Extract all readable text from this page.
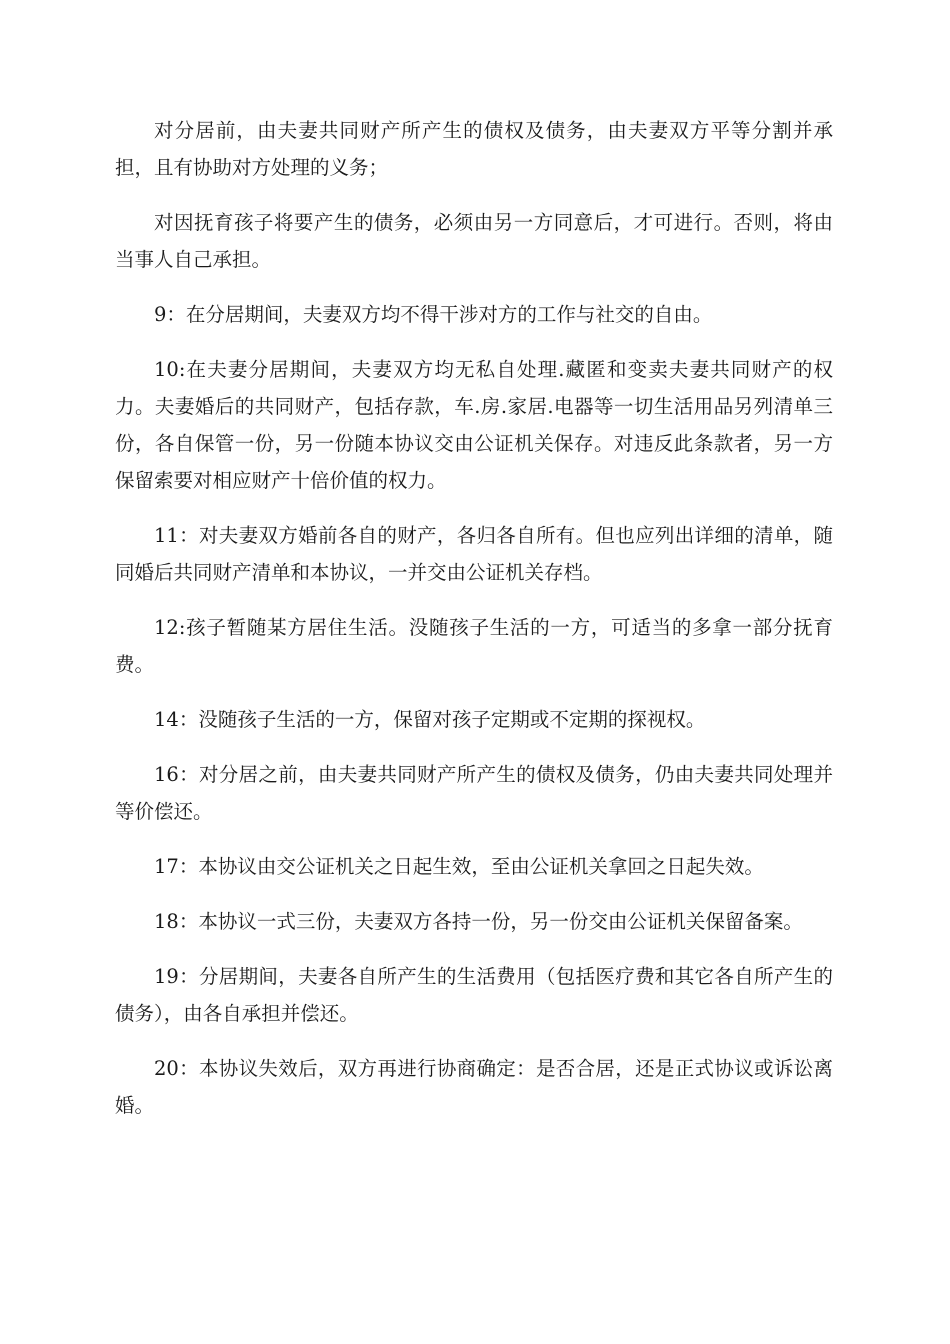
对分居前，由夫妻共同财产所产生的债权及债务，由夫妻双方平等分割并承担，且有协助对方处理的义务；

对因抚育孩子将要产生的债务，必须由另一方同意后，才可进行。否则，将由当事人自己承担。

9：在分居期间，夫妻双方均不得干涉对方的工作与社交的自由。

10:在夫妻分居期间，夫妻双方均无私自处理.藏匿和变卖夫妻共同财产的权力。夫妻婚后的共同财产，包括存款，车.房.家居.电器等一切生活用品另列清单三份，各自保管一份，另一份随本协议交由公证机关保存。对违反此条款者，另一方保留索要对相应财产十倍价值的权力。

11：对夫妻双方婚前各自的财产，各归各自所有。但也应列出详细的清单，随同婚后共同财产清单和本协议，一并交由公证机关存档。

12:孩子暂随某方居住生活。没随孩子生活的一方，可适当的多拿一部分抚育费。

14：没随孩子生活的一方，保留对孩子定期或不定期的探视权。

16：对分居之前，由夫妻共同财产所产生的债权及债务，仍由夫妻共同处理并等价偿还。

17：本协议由交公证机关之日起生效，至由公证机关拿回之日起失效。

18：本协议一式三份，夫妻双方各持一份，另一份交由公证机关保留备案。

19：分居期间，夫妻各自所产生的生活费用（包括医疗费和其它各自所产生的债务），由各自承担并偿还。

20：本协议失效后，双方再进行协商确定：是否合居，还是正式协议或诉讼离婚。
